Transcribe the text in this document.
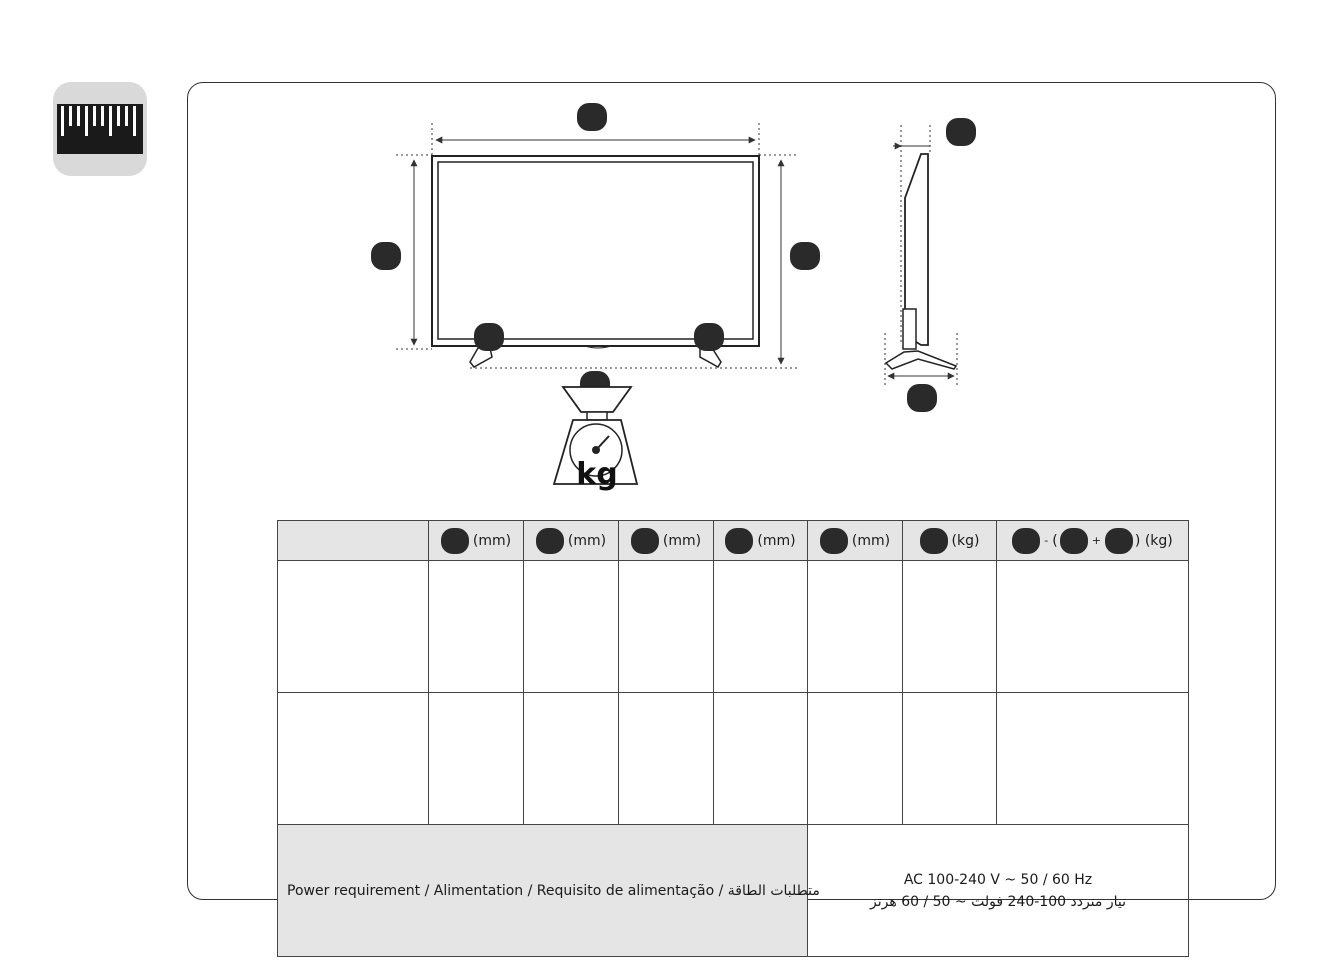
kg

	(mm)	(mm)	(mm)	(mm)	(mm)	(kg)	- ( + ) (kg)

Power requirement / Alimentation / Requisito de alimentação / متطلبات الطاقة					AC 100-240 V ~ 50 / 60 Hz
تيار متردد 100-240 فولت ~ 50 / 60 هرتز		
